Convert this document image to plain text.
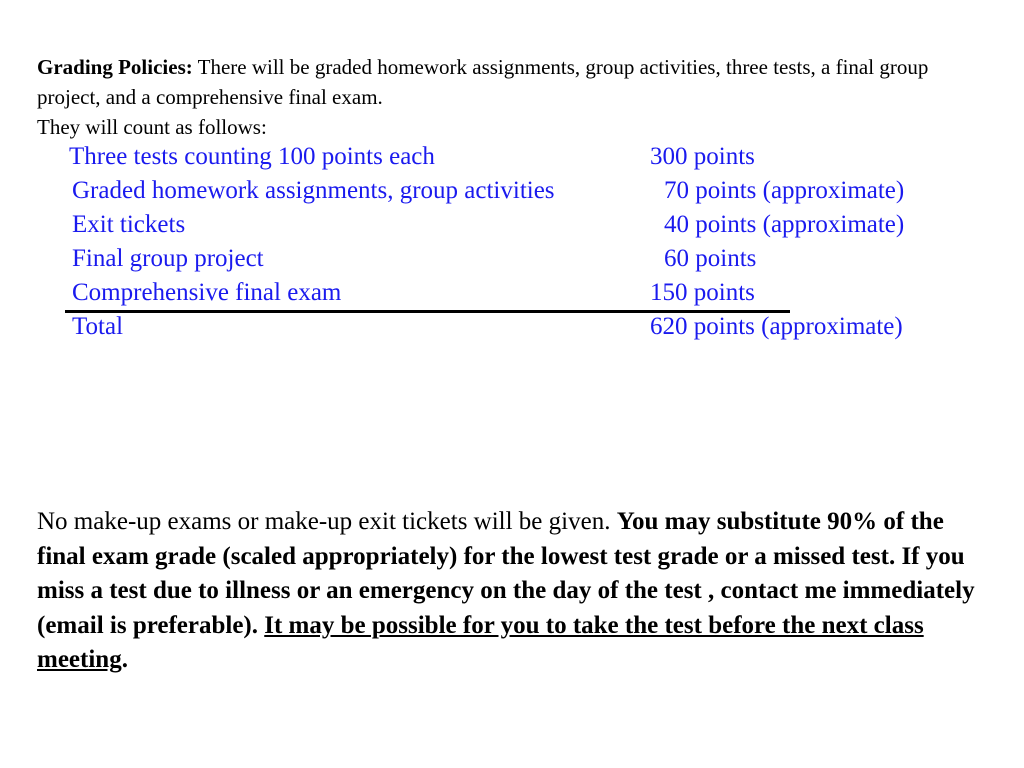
Grading Policies: There will be graded homework assignments, group activities, three tests, a final group project, and a comprehensive final exam.
They will count as follows:
Three tests counting 100 points each	300 points
Graded homework assignments, group activities	70 points (approximate)
Exit tickets	40 points (approximate)
Final group project	60 points
Comprehensive final exam	150 points
Total	620 points (approximate)
No make-up exams or make-up exit tickets will be given. You may substitute 90% of the final exam grade (scaled appropriately) for the lowest test grade or a missed test. If you miss a test due to illness or an emergency on the day of the test , contact me immediately (email is preferable). It may be possible for you to take the test before the next class meeting.
